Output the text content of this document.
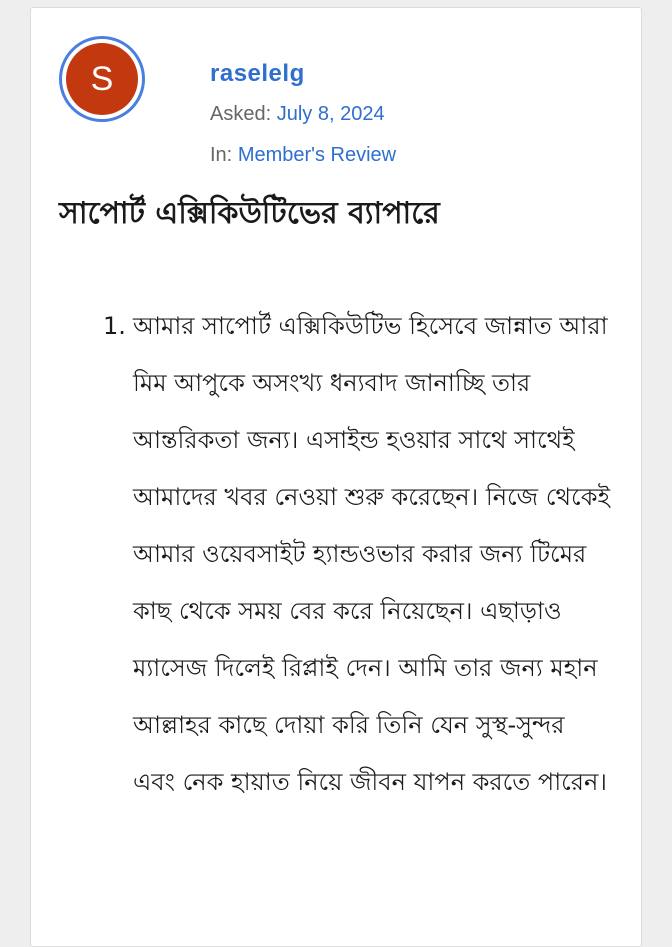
S	raselelg
Asked: July 8, 2024
In: Member's Review
সাপোর্ট এক্সিকিউটিভের ব্যাপারে
1. আমার সাপোর্ট এক্সিকিউটিভ হিসেবে জান্নাত আরা মিম আপুকে অসংখ্য ধন্যবাদ জানাচ্ছি তার আন্তরিকতা জন্য। এসাইন্ড হওয়ার সাথে সাথেই আমাদের খবর নেওয়া শুরু করেছেন। নিজে থেকেই আমার ওয়েবসাইট হ্যান্ডওভার করার জন্য টিমের কাছ থেকে সময় বের করে নিয়েছেন। এছাড়াও ম্যাসেজ দিলেই রিপ্লাই দেন। আমি তার জন্য মহান আল্লাহর কাছে দোয়া করি তিনি যেন সুস্থ-সুন্দর এবং নেক হায়াত নিয়ে জীবন যাপন করতে পারেন।
